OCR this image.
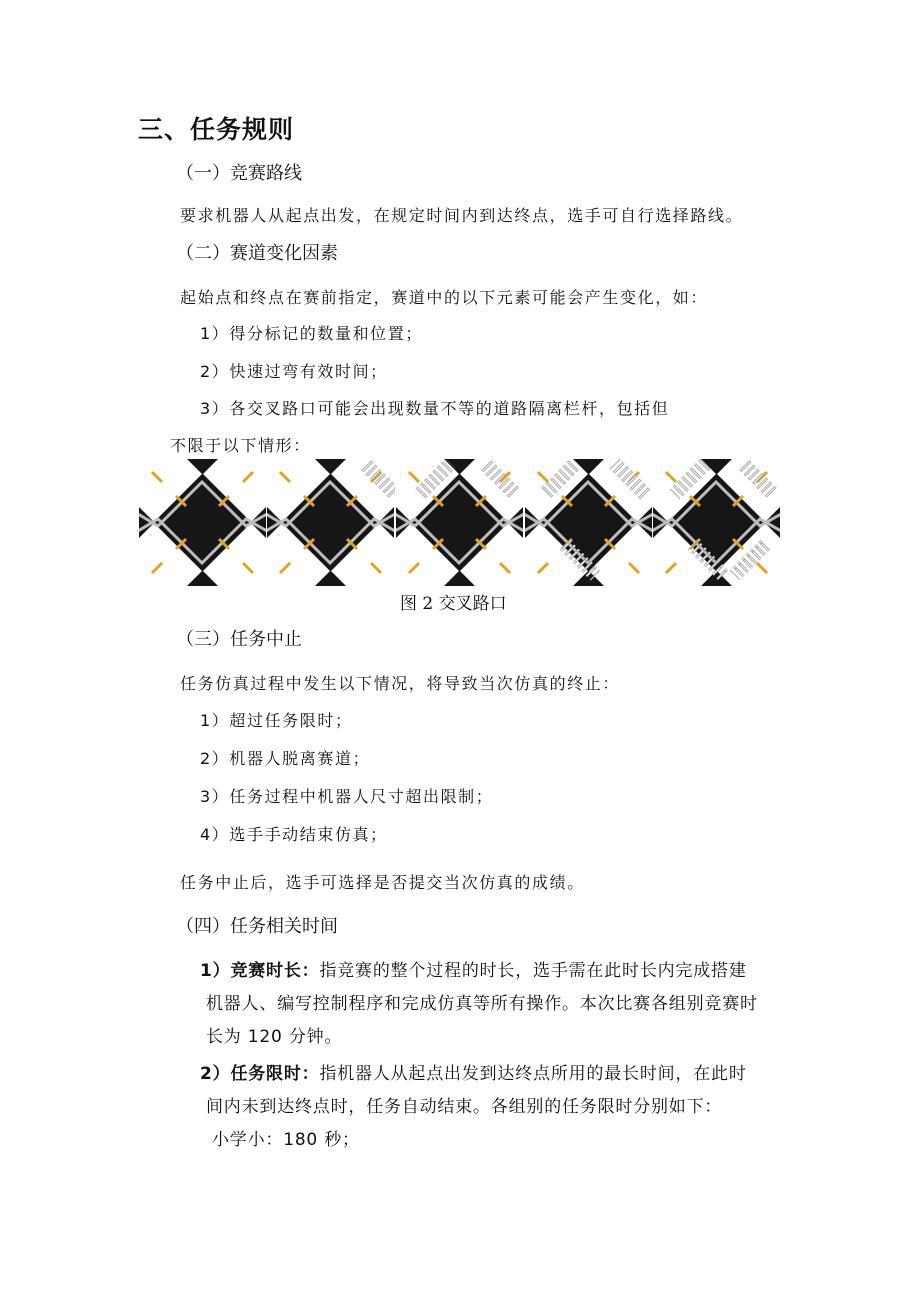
三、任务规则
（一）竞赛路线
要求机器人从起点出发，在规定时间内到达终点，选手可自行选择路线。
（二）赛道变化因素
起始点和终点在赛前指定，赛道中的以下元素可能会产生变化，如：
1）得分标记的数量和位置；
2）快速过弯有效时间；
3）各交叉路口可能会出现数量不等的道路隔离栏杆，包括但
不限于以下情形：
图 2 交叉路口
（三）任务中止
任务仿真过程中发生以下情况，将导致当次仿真的终止：
1）超过任务限时；
2）机器人脱离赛道；
3）任务过程中机器人尺寸超出限制；
4）选手手动结束仿真；
任务中止后，选手可选择是否提交当次仿真的成绩。
（四）任务相关时间
1）竞赛时长：指竞赛的整个过程的时长，选手需在此时长内完成搭建
机器人、编写控制程序和完成仿真等所有操作。本次比赛各组别竞赛时
长为 120 分钟。
2）任务限时：指机器人从起点出发到达终点所用的最长时间，在此时
间内未到达终点时，任务自动结束。各组别的任务限时分别如下：
小学小：180 秒；
